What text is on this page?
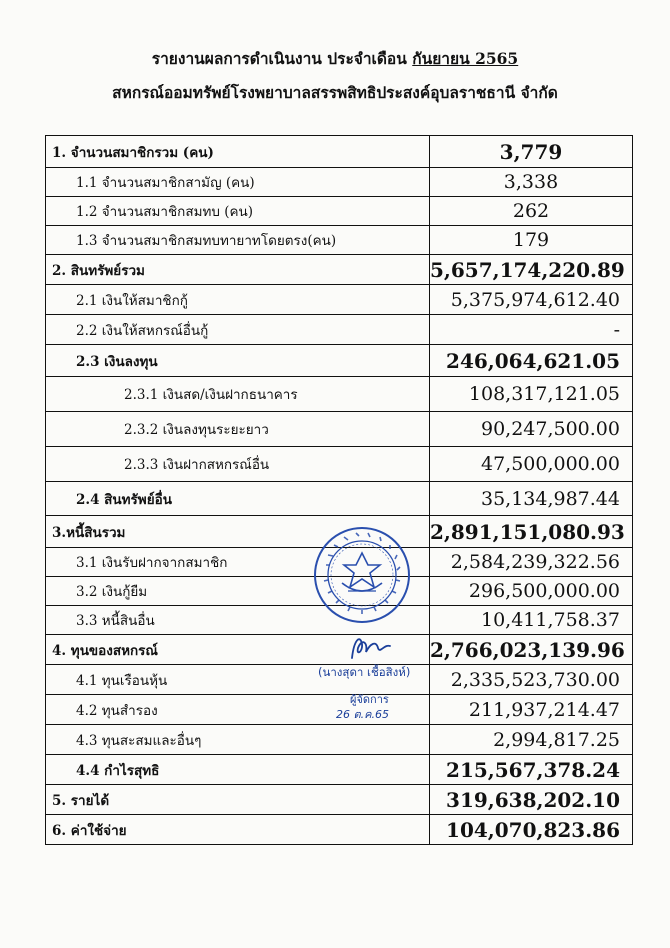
รายงานผลการดำเนินงาน ประจำเดือน กันยายน 2565
สหกรณ์ออมทรัพย์โรงพยาบาลสรรพสิทธิประสงค์อุบลราชธานี จำกัด
1. จำนวนสมาชิกรวม (คน)	3,779
1.1 จำนวนสมาชิกสามัญ (คน)	3,338
1.2 จำนวนสมาชิกสมทบ (คน)	262
1.3 จำนวนสมาชิกสมทบทายาทโดยตรง(คน)	179
2. สินทรัพย์รวม	5,657,174,220.89
2.1 เงินให้สมาชิกกู้	5,375,974,612.40
2.2 เงินให้สหกรณ์อื่นกู้	-
2.3 เงินลงทุน	246,064,621.05
2.3.1 เงินสด/เงินฝากธนาคาร	108,317,121.05
2.3.2 เงินลงทุนระยะยาว	90,247,500.00
2.3.3 เงินฝากสหกรณ์อื่น	47,500,000.00
2.4 สินทรัพย์อื่น	35,134,987.44
3.หนี้สินรวม	2,891,151,080.93
3.1 เงินรับฝากจากสมาชิก	2,584,239,322.56
3.2 เงินกู้ยืม	296,500,000.00
3.3 หนี้สินอื่น	10,411,758.37
4. ทุนของสหกรณ์	2,766,023,139.96
4.1 ทุนเรือนหุ้น	2,335,523,730.00
4.2 ทุนสำรอง	211,937,214.47
4.3 ทุนสะสมและอื่นๆ	2,994,817.25
4.4 กำไรสุทธิ	215,567,378.24
5. รายได้	319,638,202.10
6. ค่าใช้จ่าย	104,070,823.86
(นางสุดา เชื้อสิงห์)
ผู้จัดการ
26 ต.ค.65
